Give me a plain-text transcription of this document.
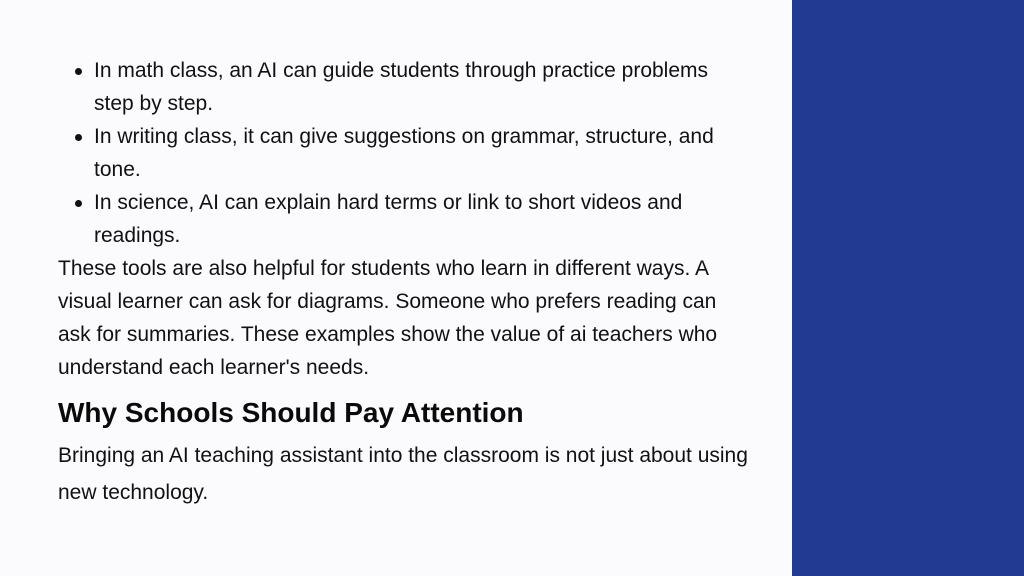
In math class, an AI can guide students through practice problems step by step.
In writing class, it can give suggestions on grammar, structure, and tone.
In science, AI can explain hard terms or link to short videos and readings.

These tools are also helpful for students who learn in different ways. A visual learner can ask for diagrams. Someone who prefers reading can ask for summaries. These examples show the value of ai teachers who understand each learner's needs.

Why Schools Should Pay Attention

Bringing an AI teaching assistant into the classroom is not just about using new technology.
